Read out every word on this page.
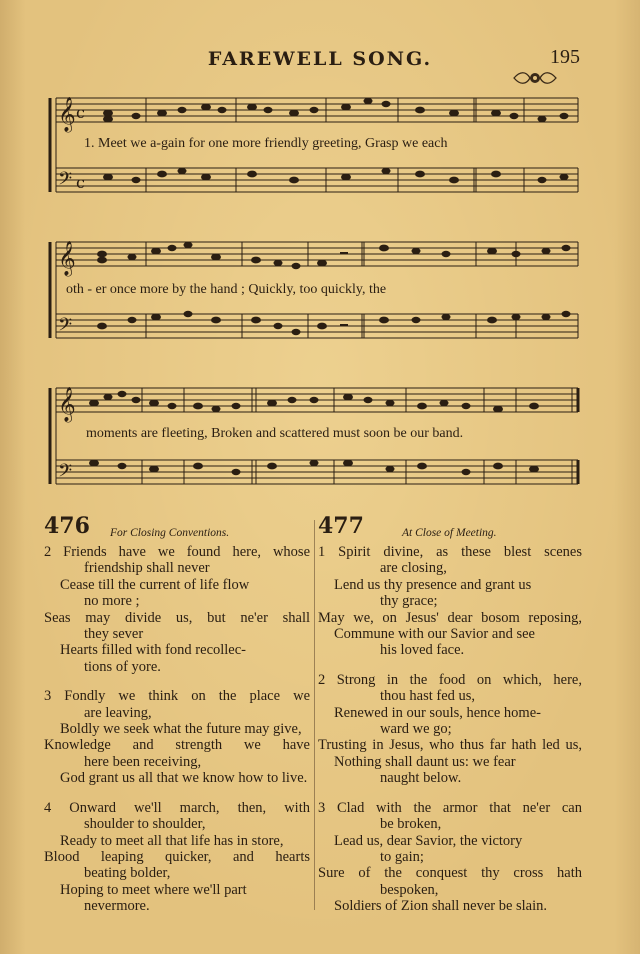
FAREWELL SONG.	195
𝄞
𝄢
c
c
1. Meet we a-gain for one more friendly greeting, Grasp we each
𝄞
𝄢
oth - er once more by the hand ; Quickly, too quickly, the
𝄞
𝄢
moments are fleeting, Broken and scattered must soon be our band.
476 For Closing Conventions.
2 Friends have we found here, whose
friendship shall never
Cease till the current of life flow
no more ;
Seas may divide us, but ne'er shall
they sever
Hearts filled with fond recollec-
tions of yore.
3 Fondly we think on the place we
are leaving,
Boldly we seek what the future may give,
Knowledge and strength we have
here been receiving,
God grant us all that we know how to live.
4 Onward we'll march, then, with
shoulder to shoulder,
Ready to meet all that life has in store,
Blood leaping quicker, and hearts
beating bolder,
Hoping to meet where we'll part
nevermore.
477	At Close of Meeting.
1 Spirit divine, as these blest scenes
are closing,
Lend us thy presence and grant us
thy grace;
May we, on Jesus' dear bosom reposing,
Commune with our Savior and see
his loved face.
2 Strong in the food on which, here,
thou hast fed us,
Renewed in our souls, hence home-
ward we go;
Trusting in Jesus, who thus far hath led us,
Nothing shall daunt us: we fear
naught below.
3 Clad with the armor that ne'er can
be broken,
Lead us, dear Savior, the victory
to gain;
Sure of the conquest thy cross hath
bespoken,
Soldiers of Zion shall never be slain.
